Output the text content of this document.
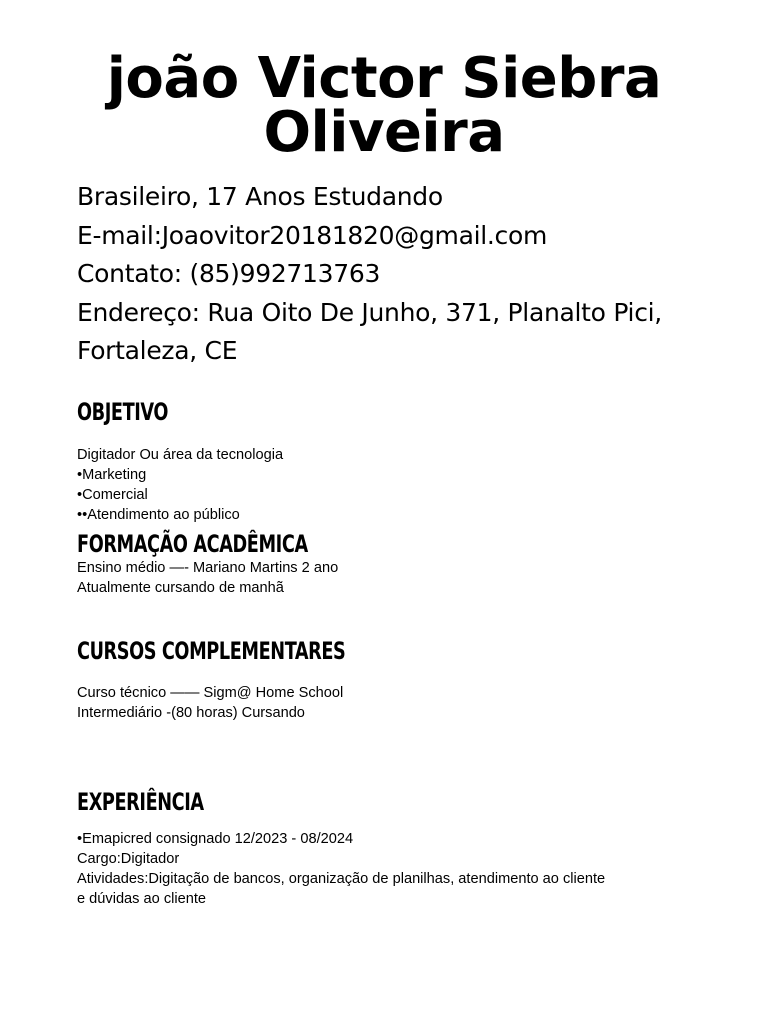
joão Victor Siebra
Oliveira
Brasileiro, 17 Anos Estudando
E-mail:Joaovitor20181820@gmail.com
Contato: (85)992713763
Endereço: Rua Oito De Junho, 371, Planalto Pici, Fortaleza, CE
OBJETIVO
Digitador Ou área da tecnologia
•Marketing
•Comercial
••Atendimento ao público
FORMAÇÃO ACADÊMICA
Ensino médio —- Mariano Martins 2 ano
Atualmente cursando de manhã
CURSOS COMPLEMENTARES
Curso técnico —— Sigm@ Home School
Intermediário -(80 horas) Cursando
EXPERIÊNCIA
•Emapicred consignado 12/2023 - 08/2024
Cargo:Digitador
Atividades:Digitação de bancos, organização de planilhas, atendimento ao cliente
e dúvidas ao cliente
